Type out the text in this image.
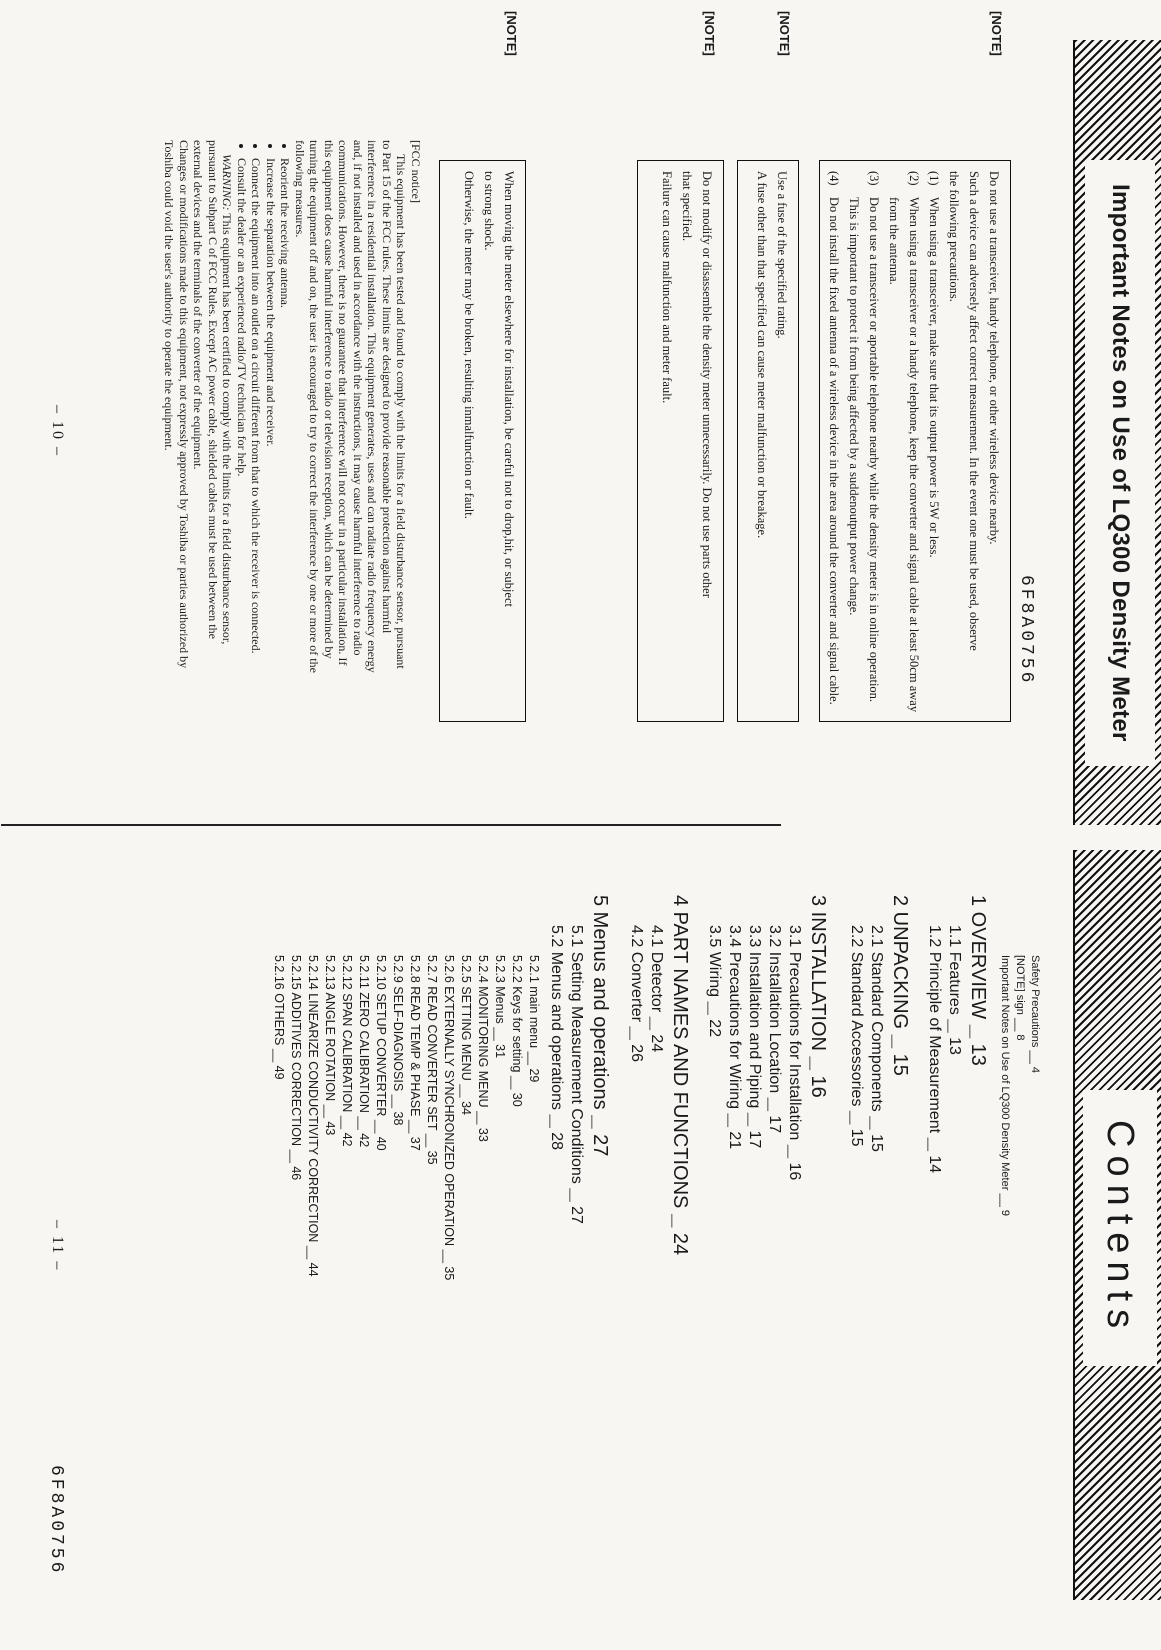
Important Notes on Use of LQ300 Density Meter
6F8A0756
[NOTE]

Do not use a transceiver, handy telephone, or other wireless device nearby.

Such a device can adversely affect correct measurement. In the event one must be used, observe

the following precautions.

(1)
When using a transceiver, make sure that its output power is 5W or less.
(2)
When using a transceiver or a handy telephone, keep the converter and signal cable at least 50cm away from the antenna.
(3)
Do not use a transceiver or aportable telephone nearby while the density meter is in online operation. This is important to protect it from being affected by a suddenoutput power change.
(4)
Do not install the fixed antenna of a wireless device in the area around the converter and signal cable.
[NOTE]

Use a fuse of the specified rating.

A fuse other than that specified can cause meter malfunction or breakage.

[NOTE]

Do not modify or disassemble the density meter unnecessarily. Do not use parts other

that specified.

Failure can cause malfunction and meter fault.

[NOTE]

When moving the meter elsewhere for installation, be careful not to drop,hit, or subject

to strong shock.

Otherwise, the meter may be broken, resulting inmalfunction or fault.

[FCC notice]

This equipment has been tested and found to comply with the limits for a field disturbance sensor, pursuant to Part 15 of the FCC rules. These limits are designed to provide reasonable protection against harmful interference in a residential installation. This equipment generates, uses and can radiate radio frequency energy and, if not installed and used in accordance with the instructions, it may cause harmful interference to radio communications. However, there is no guarantee that interference will not occur in a particular installation. If this equipment does cause harmful interference to radio or television reception, which can be determined by turning the equipment off and on, the user is encouraged to try to correct the interference by one or more of the following measures.

• Reorient the receiving antenna.
• Increase the separation between the equipment and receiver.
• Connect the equipment into an outlet on a circuit different from that to which the receiver is connected.
• Consult the dealer or an experienced radio/TV technician for help.

WARNING: This equipment has been certified to comply with the limits for a field disturbance sensor, pursuant to Subpart C of FCC Rules. Except AC power cable, shielded cables must be used between the external devices and the terminals of the converter of the equipment.

Changes or modifications made to this equipment, not expressly approved by Toshiba or parties authorized by Toshiba could void the user's authority to operate the equipment.

– 10 –
Contents
6F8A0756
Safety Precautions __ 4
[NOTE] sign __ 8
Important Notes on Use of LQ300 Density Meter __ 9
1 OVERVIEW __ 13
1.1 Features __ 13
1.2 Principle of Measurement __ 14
2 UNPACKING __ 15
2.1 Standard Components __ 15
2.2 Standard Accessories __ 15
3 INSTALLATION __ 16
3.1 Precautions for Installation __ 16
3.2 Installation Location __ 17
3.3 Installation and Piping __ 17
3.4 Precautions for Wiring __ 21
3.5 Wiring __ 22
4 PART NAMES AND FUNCTIONS __ 24
4.1 Detector __ 24
4.2 Converter __ 26
5 Menus and operations __ 27
5.1 Setting Measurement Conditions __ 27
5.2 Menus and operations __ 28
5.2.1 main menu __ 29
5.2.2 Keys for setting __ 30
5.2.3 Menus __ 31
5.2.4 MONITORING MENU __ 33
5.2.5 SETTING MENU __ 34
5.2.6 EXTERNALLY SYNCHRONIZED OPERATION __ 35
5.2.7 READ CONVERTER SET __ 35
5.2.8 READ TEMP & PHASE __ 37
5.2.9 SELF-DIAGNOSIS __ 38
5.2.10 SETUP CONVERTER __ 40
5.2.11 ZERO CALIBRATION __ 42
5.2.12 SPAN CALIBRATION __ 42
5.2.13 ANGLE ROTATION __ 43
5.2.14 LINEARIZE CONDUCTIVITY CORRECTION __ 44
5.2.15 ADDITIVES CORRECTION __ 46
5.2.16 OTHERS __ 49
– 11 –
